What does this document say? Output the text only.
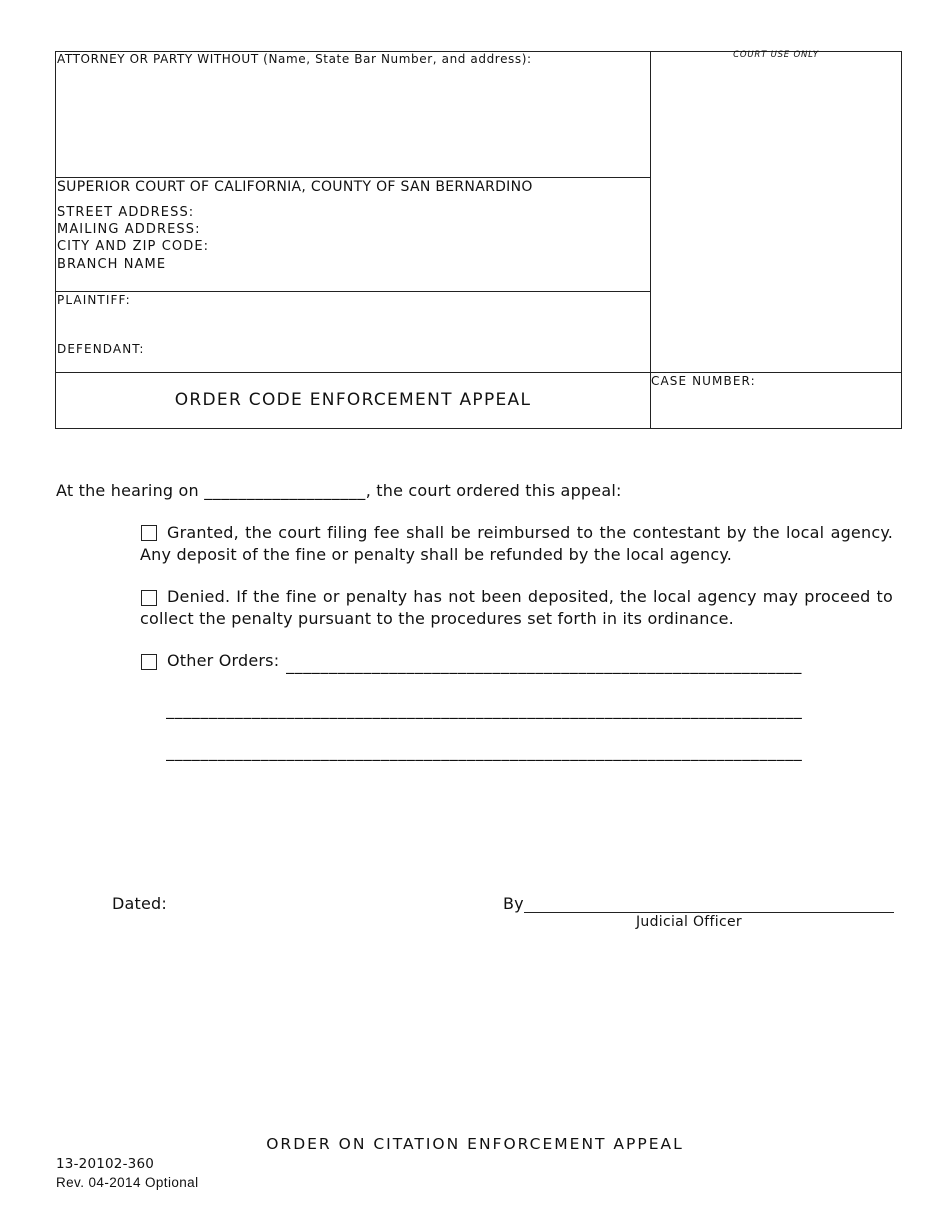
ATTORNEY OR PARTY WITHOUT (Name, State Bar Number, and address):	COURT USE ONLY
SUPERIOR COURT OF CALIFORNIA, COUNTY OF SAN BERNARDINO
STREET ADDRESS:
MAILING ADDRESS:
CITY AND ZIP CODE:
BRANCH NAME
PLAINTIFF:
DEFENDANT:
ORDER CODE ENFORCEMENT APPEAL
CASE NUMBER:
At the hearing on ___________________, the court ordered this appeal:
Granted, the court filing fee shall be reimbursed to the contestant by the local agency. Any deposit of the fine or penalty shall be refunded by the local agency.
Denied. If the fine or penalty has not been deposited, the local agency may proceed to collect the penalty pursuant to the procedures set forth in its ordinance.
Other Orders: ____________________________________________________________
__________________________________________________________________________
__________________________________________________________________________
Dated:	By
Judicial Officer
ORDER ON CITATION ENFORCEMENT APPEAL
13-20102-360
Rev. 04-2014 Optional
